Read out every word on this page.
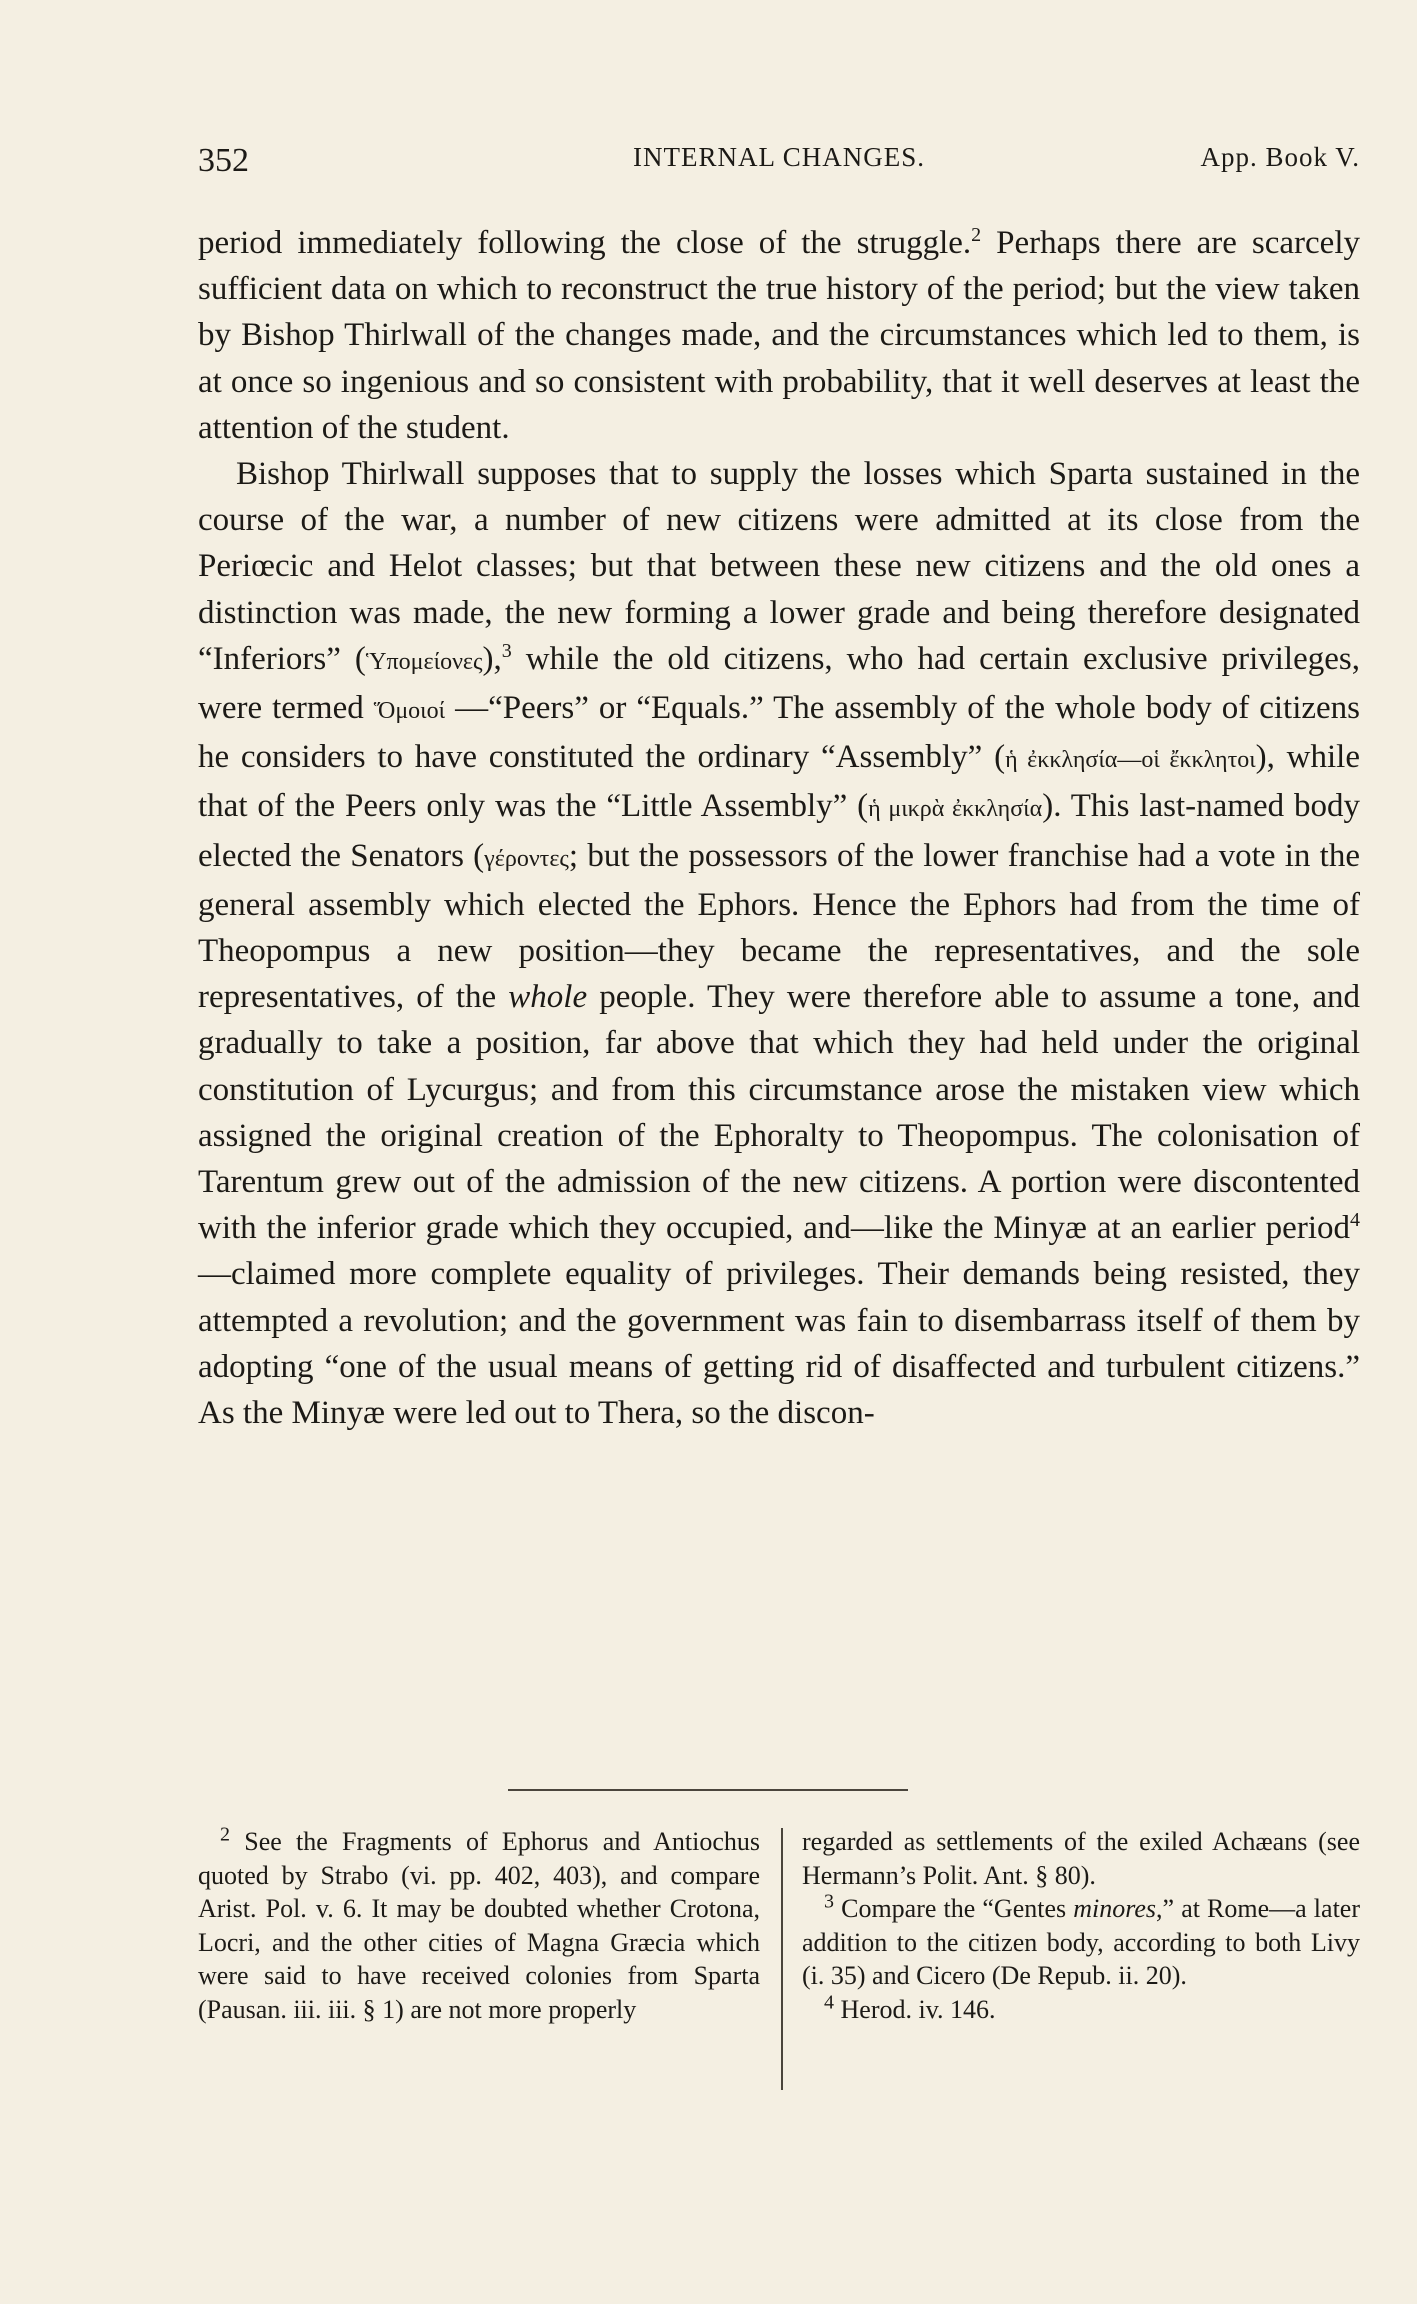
352	INTERNAL CHANGES.	App. Book V.

period immediately following the close of the struggle.$^2$ Perhaps there are scarcely sufficient data on which to reconstruct the true history of the period; but the view taken by Bishop Thirlwall of the changes made, and the circumstances which led to them, is at once so ingenious and so consistent with probability, that it well deserves at least the attention of the student.

Bishop Thirlwall supposes that to supply the losses which Sparta sustained in the course of the war, a number of new citizens were admitted at its close from the Periœcic and Helot classes; but that between these new citizens and the old ones a distinction was made, the new forming a lower grade and being therefore designated “Inferiors” (Ὑπομείονες),$^3$ while the old citizens, who had certain exclusive privileges, were termed Ὅμοιοί —“Peers” or “Equals.” The assembly of the whole body of citizens he considers to have constituted the ordinary “Assembly” (ἡ ἐκκλησία—οἱ ἔκκλητοι), while that of the Peers only was the “Little Assembly” (ἡ μικρὰ ἐκκλησία). This last-named body elected the Senators (γέροντες; but the possessors of the lower franchise had a vote in the general assembly which elected the Ephors. Hence the Ephors had from the time of Theopompus a new position—they became the representatives, and the sole representatives, of the whole people. They were therefore able to assume a tone, and gradually to take a position, far above that which they had held under the original constitution of Lycurgus; and from this circumstance arose the mistaken view which assigned the original creation of the Ephoralty to Theopompus. The colonisation of Tarentum grew out of the admission of the new citizens. A portion were discontented with the inferior grade which they occupied, and—like the Minyæ at an earlier period$^4$—claimed more complete equality of privileges. Their demands being resisted, they attempted a revolution; and the government was fain to disembarrass itself of them by adopting “one of the usual means of getting rid of disaffected and turbulent citizens.” As the Minyæ were led out to Thera, so the discon-

$^2$ See the Fragments of Ephorus and Antiochus quoted by Strabo (vi. pp. 402, 403), and compare Arist. Pol. v. 6. It may be doubted whether Crotona, Locri, and the other cities of Magna Græcia which were said to have received colonies from Sparta (Pausan. iii. iii. § 1) are not more properly

regarded as settlements of the exiled Achæans (see Hermann’s Polit. Ant. § 80).

$^3$ Compare the “Gentes minores,” at Rome—a later addition to the citizen body, according to both Livy (i. 35) and Cicero (De Repub. ii. 20).

$^4$ Herod. iv. 146.
